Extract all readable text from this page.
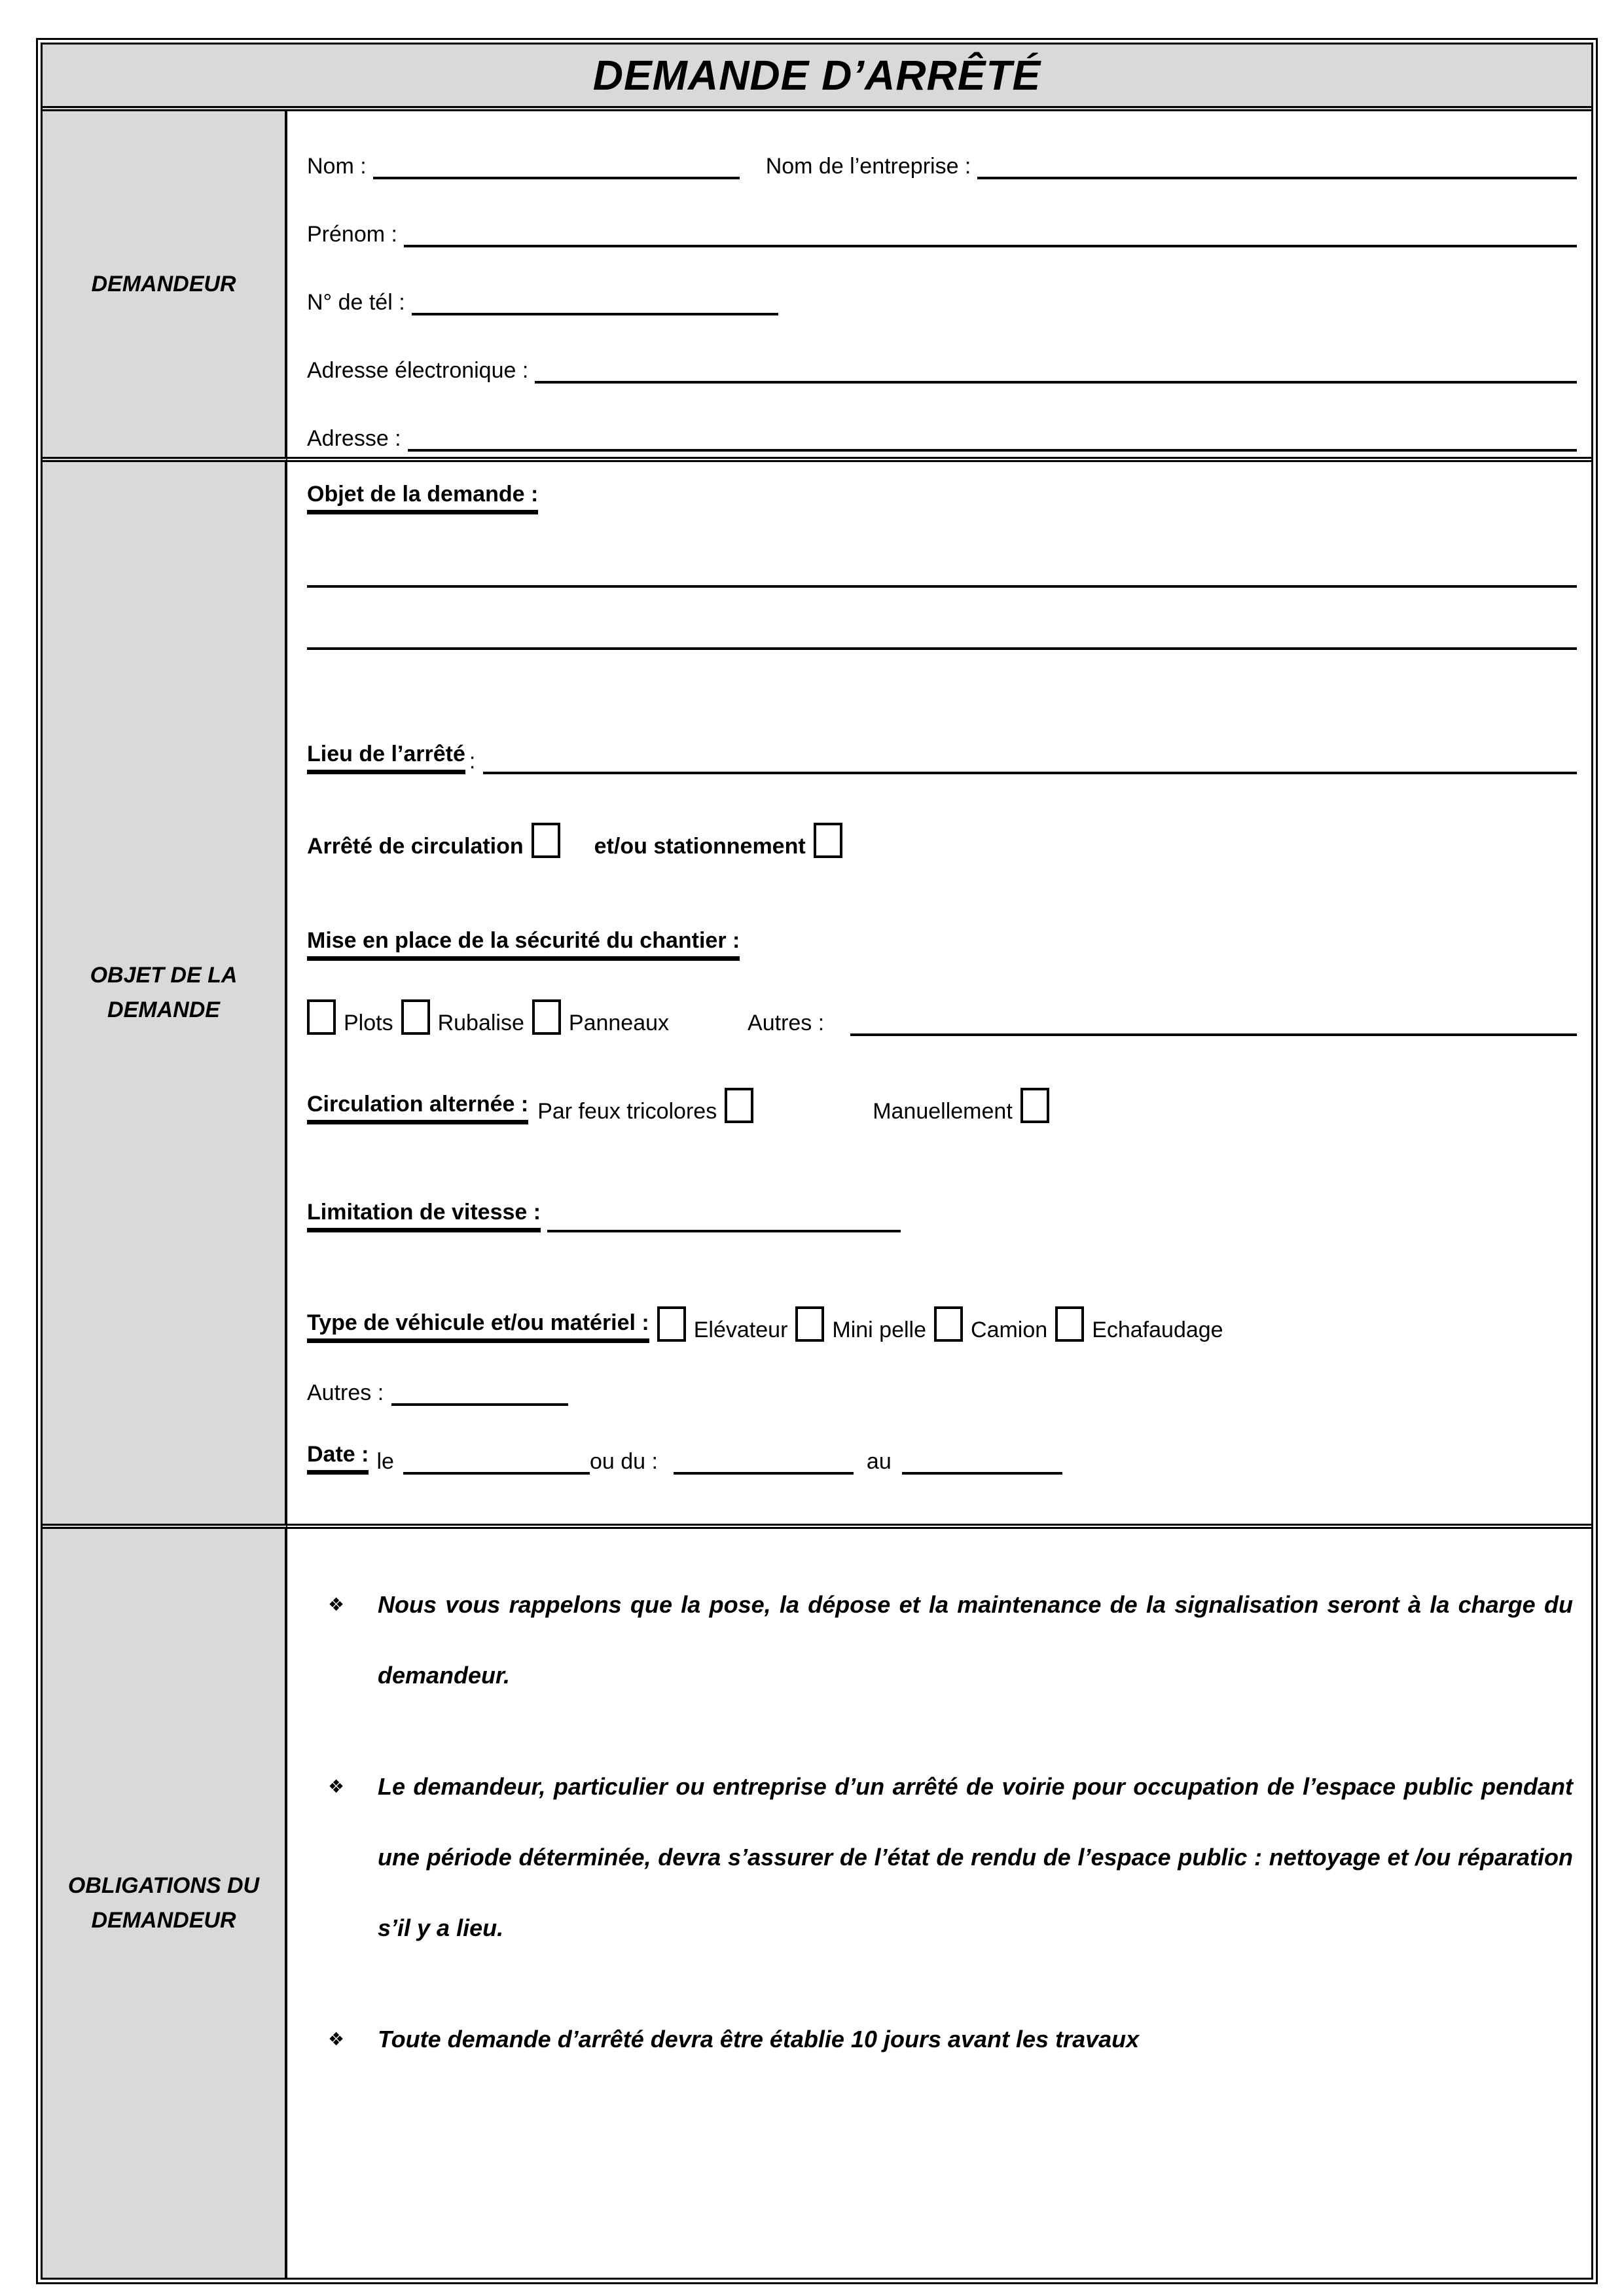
DEMANDE D’ARRÊTÉ
DEMANDEUR
Nom :	Nom de l’entreprise :
Prénom :
N° de tél :
Adresse électronique :
Adresse :
OBJET DE LA DEMANDE
Objet de la demande :
Lieu de l’arrêté :
Arrêté de circulation	et/ou stationnement
Mise en place de la sécurité du chantier :
Plots Rubalise Panneaux	Autres :
Circulation alternée : Par feux tricolores	Manuellement
Limitation de vitesse :
Type de véhicule et/ou matériel : Elévateur Mini pelle Camion Echafaudage
Autres :
Date : le	ou du :	au
OBLIGATIONS DU DEMANDEUR
❖	Nous vous rappelons que la pose, la dépose et la maintenance de la signalisation seront à la charge du demandeur.
❖	Le demandeur, particulier ou entreprise d’un arrêté de voirie pour occupation de l’espace public pendant une période déterminée, devra s’assurer de l’état de rendu de l’espace public : nettoyage et /ou réparation s’il y a lieu.
❖	Toute demande d’arrêté devra être établie 10 jours avant les travaux
